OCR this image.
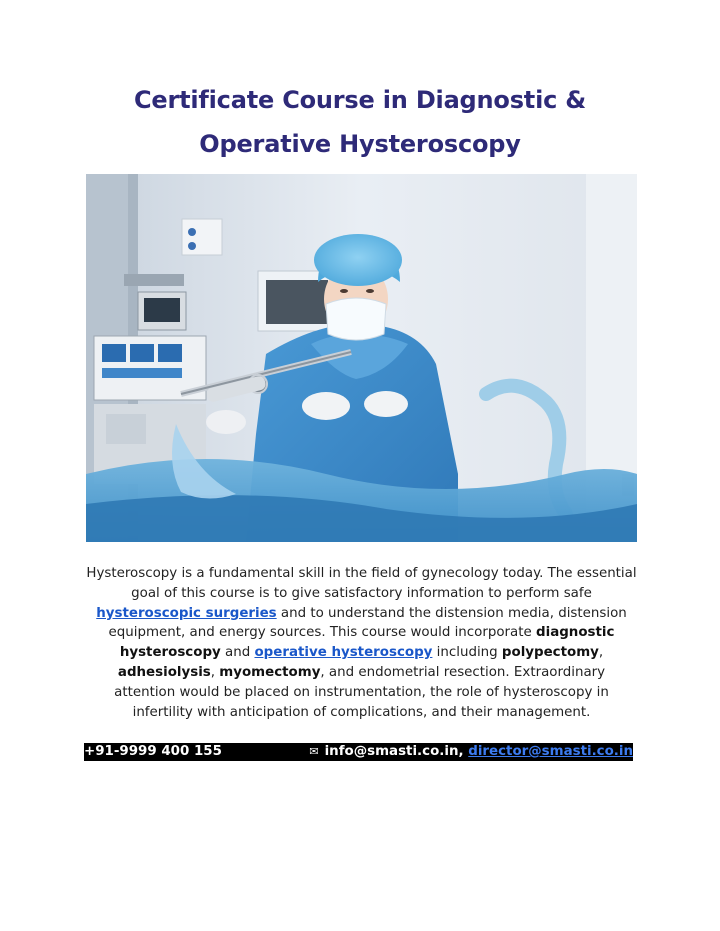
Certificate Course in Diagnostic &
Operative Hysteroscopy
Hysteroscopy is a fundamental skill in the field of gynecology today. The essential goal of this course is to give satisfactory information to perform safe hysteroscopic surgeries and to understand the distension media, distension equipment, and energy sources. This course would incorporate diagnostic hysteroscopy and operative hysteroscopy including polypectomy, adhesiolysis, myomectomy, and endometrial resection. Extraordinary attention would be placed on instrumentation, the role of hysteroscopy in infertility with anticipation of complications, and their management.
+91-9999 400 155	✉ info@smasti.co.in, director@smasti.co.in
